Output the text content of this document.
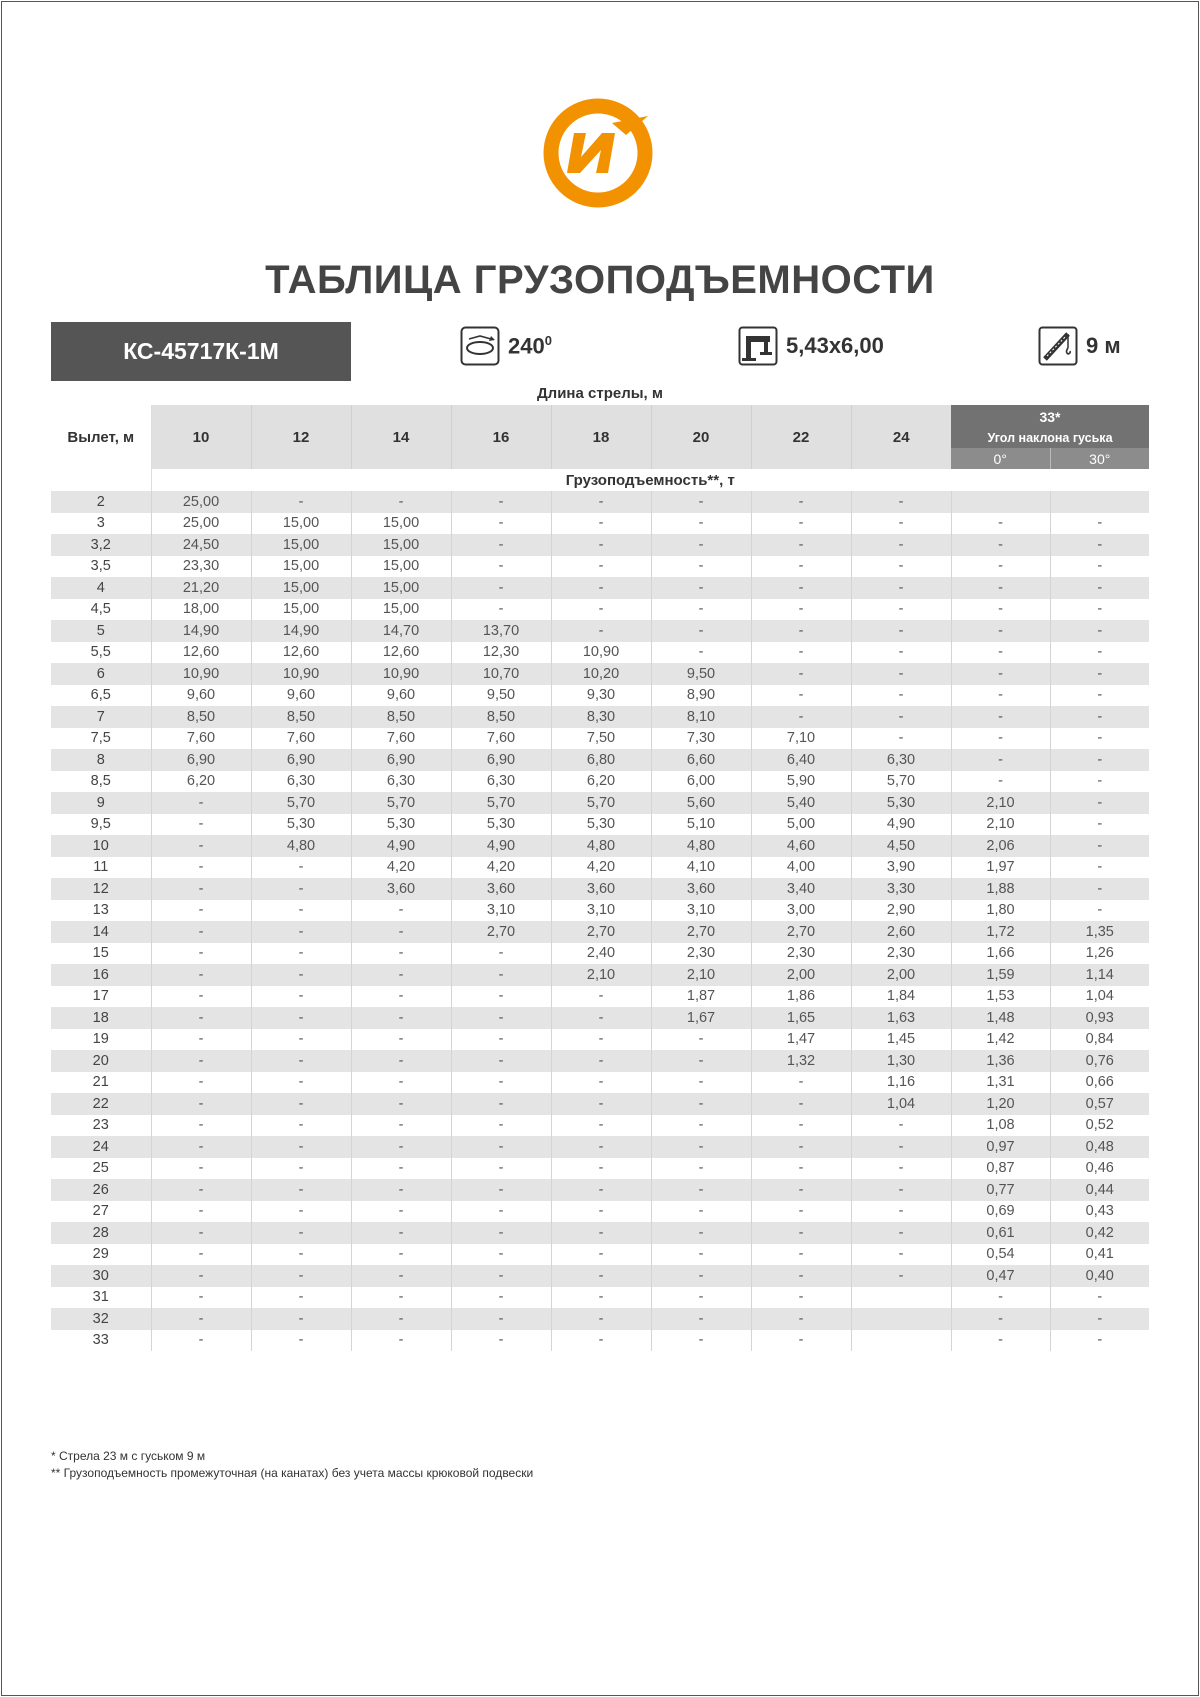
ТАБЛИЦА ГРУЗОПОДЪЕМНОСТИ
КС-45717К-1М	$240^0$	5,43х6,00	9 м
Длина стрелы, м
Вылет, м	10	12	14	16	18	20	22	24	33*	
									Угол наклона гуська	
									0°	30°
	Грузоподъемность**, т									
2	25,00	-	-	-	-	-	-	-		
3	25,00	15,00	15,00	-	-	-	-	-	-	-
3,2	24,50	15,00	15,00	-	-	-	-	-	-	-
3,5	23,30	15,00	15,00	-	-	-	-	-	-	-
4	21,20	15,00	15,00	-	-	-	-	-	-	-
4,5	18,00	15,00	15,00	-	-	-	-	-	-	-
5	14,90	14,90	14,70	13,70	-	-	-	-	-	-
5,5	12,60	12,60	12,60	12,30	10,90	-	-	-	-	-
6	10,90	10,90	10,90	10,70	10,20	9,50	-	-	-	-
6,5	9,60	9,60	9,60	9,50	9,30	8,90	-	-	-	-
7	8,50	8,50	8,50	8,50	8,30	8,10	-	-	-	-
7,5	7,60	7,60	7,60	7,60	7,50	7,30	7,10	-	-	-
8	6,90	6,90	6,90	6,90	6,80	6,60	6,40	6,30	-	-
8,5	6,20	6,30	6,30	6,30	6,20	6,00	5,90	5,70	-	-
9	-	5,70	5,70	5,70	5,70	5,60	5,40	5,30	2,10	-
9,5	-	5,30	5,30	5,30	5,30	5,10	5,00	4,90	2,10	-
10	-	4,80	4,90	4,90	4,80	4,80	4,60	4,50	2,06	-
11	-	-	4,20	4,20	4,20	4,10	4,00	3,90	1,97	-
12	-	-	3,60	3,60	3,60	3,60	3,40	3,30	1,88	-
13	-	-	-	3,10	3,10	3,10	3,00	2,90	1,80	-
14	-	-	-	2,70	2,70	2,70	2,70	2,60	1,72	1,35
15	-	-	-	-	2,40	2,30	2,30	2,30	1,66	1,26
16	-	-	-	-	2,10	2,10	2,00	2,00	1,59	1,14
17	-	-	-	-	-	1,87	1,86	1,84	1,53	1,04
18	-	-	-	-	-	1,67	1,65	1,63	1,48	0,93
19	-	-	-	-	-	-	1,47	1,45	1,42	0,84
20	-	-	-	-	-	-	1,32	1,30	1,36	0,76
21	-	-	-	-	-	-	-	1,16	1,31	0,66
22	-	-	-	-	-	-	-	1,04	1,20	0,57
23	-	-	-	-	-	-	-	-	1,08	0,52
24	-	-	-	-	-	-	-	-	0,97	0,48
25	-	-	-	-	-	-	-	-	0,87	0,46
26	-	-	-	-	-	-	-	-	0,77	0,44
27	-	-	-	-	-	-	-	-	0,69	0,43
28	-	-	-	-	-	-	-	-	0,61	0,42
29	-	-	-	-	-	-	-	-	0,54	0,41
30	-	-	-	-	-	-	-	-	0,47	0,40
31	-	-	-	-	-	-	-		-	-
32	-	-	-	-	-	-	-		-	-
33	-	-	-	-	-	-	-		-	-
* Стрела 23 м с гуськом 9 м
** Грузоподъемность промежуточная (на канатах) без учета массы крюковой подвески
